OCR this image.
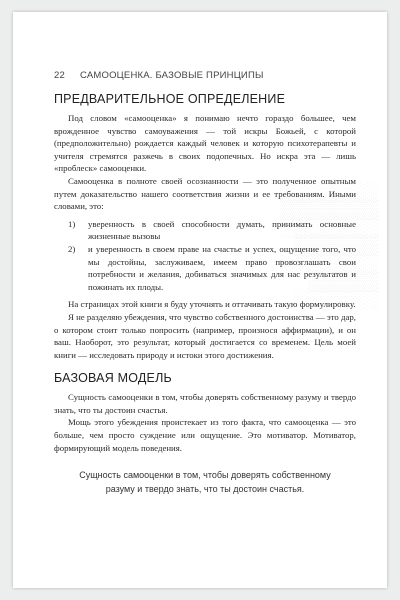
22 САМООЦЕНКА. БАЗОВЫЕ ПРИНЦИПЫ
ПРЕДВАРИТЕЛЬНОЕ ОПРЕДЕЛЕНИЕ

Под словом «самооценка» я понимаю нечто гораздо большее, чем врожденное чувство самоуважения — той искры Божьей, с которой (предположительно) рождается каждый человек и которую психотерапевты и учителя стремятся разжечь в своих подопечных. Но искра эта — лишь «проблеск» самооценки.

Самооценка в полноте своей осознанности — это полученное опытным путем доказательство нашего соответствия жизни и ее требованиям. Иными словами, это:

1)	уверенность в своей способности думать, принимать основные жизненные вызовы
2)	и уверенность в своем праве на счастье и успех, ощущение того, что мы достойны, заслуживаем, имеем право провозглашать свои потребности и желания, добиваться значимых для нас результатов и пожинать их плоды.

На страницах этой книги я буду уточнять и оттачивать такую формулировку.

Я не разделяю убеждения, что чувство собственного достоинства — это дар, о котором стоит только попросить (например, произнося аффирмации), и он ваш. Наоборот, это результат, который достигается со временем. Цель моей книги — исследовать природу и истоки этого достижения.

БАЗОВАЯ МОДЕЛЬ

Сущность самооценки в том, чтобы доверять собственному разуму и твердо знать, что ты достоин счастья.

Мощь этого убеждения проистекает из того факта, что самооценка — это больше, чем просто суждение или ощущение. Это мотиватор. Мотиватор, формирующий модель поведения.

Сущность самооценки в том, чтобы доверять собственному разуму и твердо знать, что ты достоин счастья.
